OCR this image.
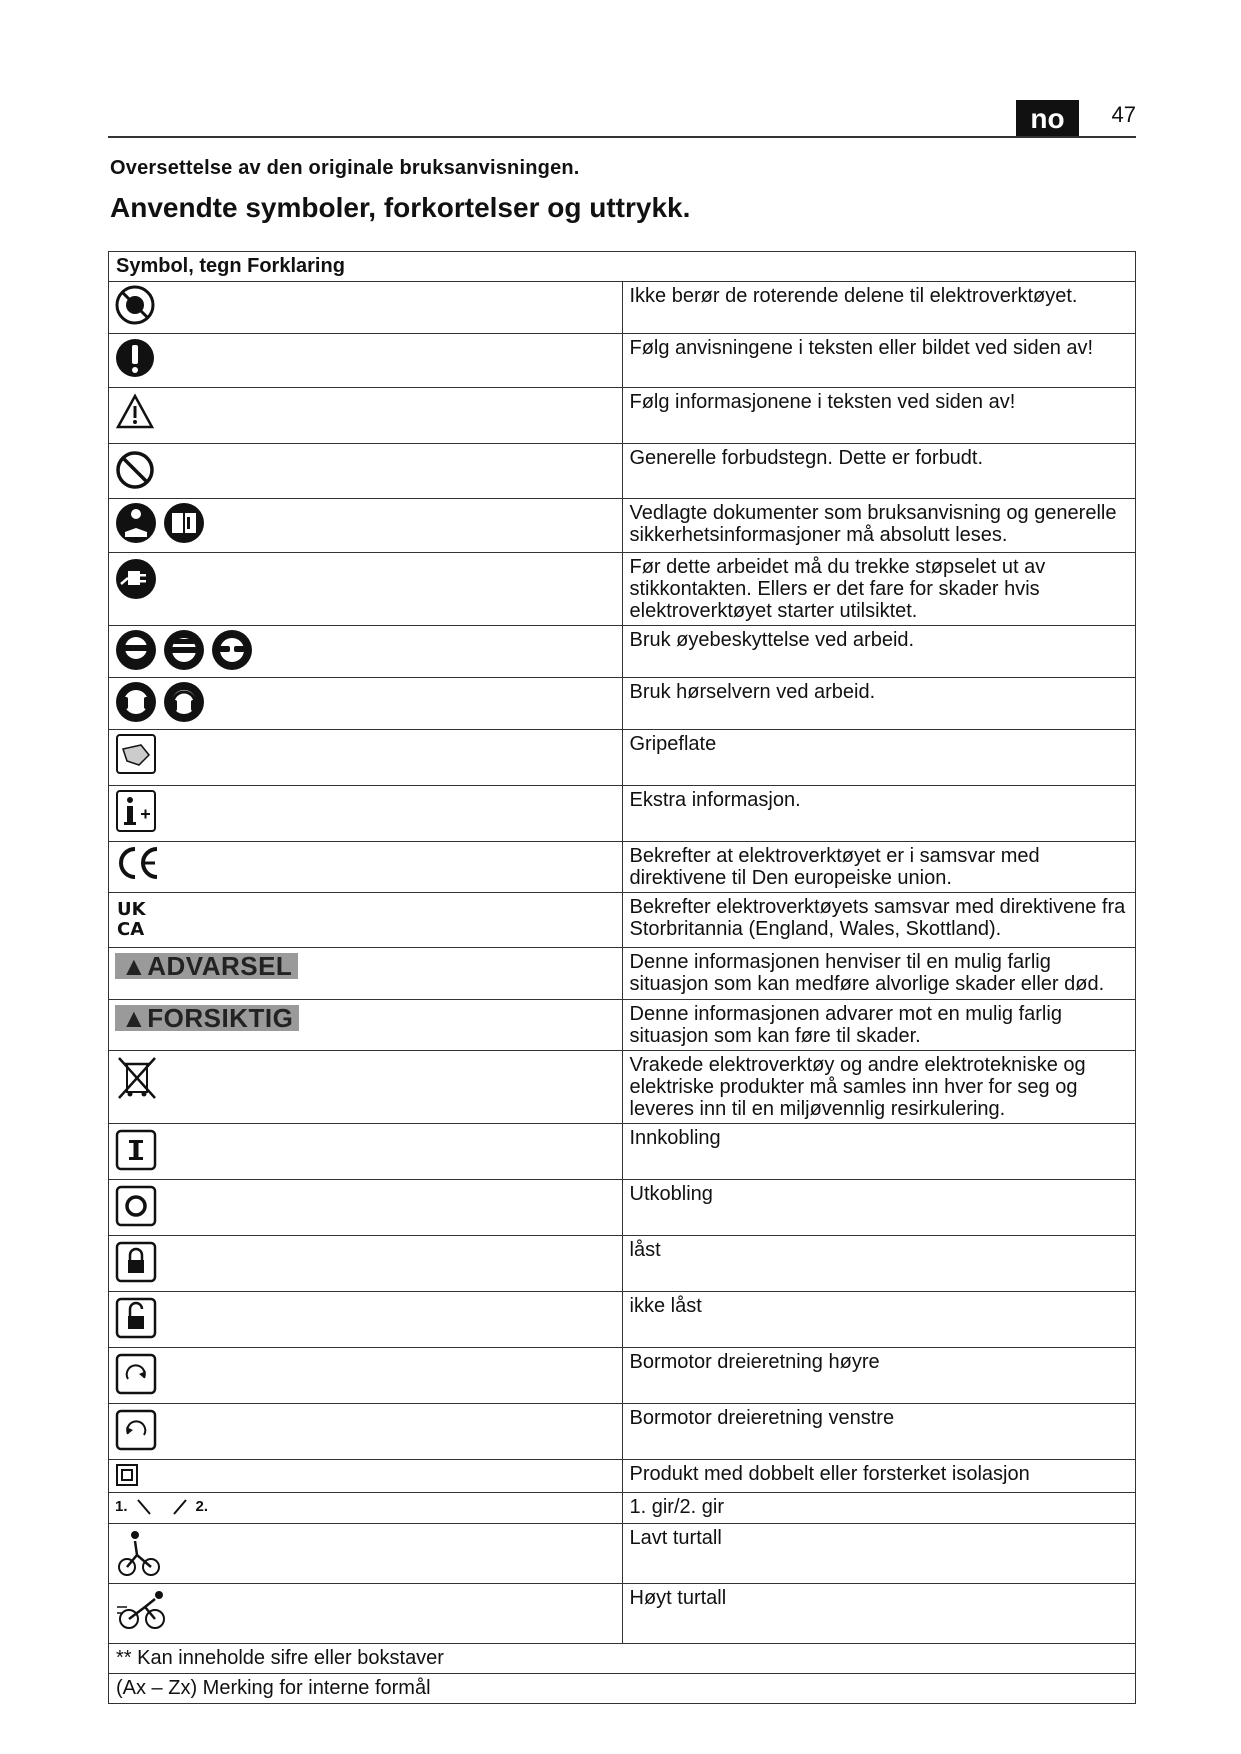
no	47
Oversettelse av den originale bruksanvisningen.
Anvendte symboler, forkortelser og uttrykk.
Symbol, tegn Forklaring	

	Ikke berør de roterende delene til elektroverktøyet.

	Følg anvisningene i teksten eller bildet ved siden av!

	Følg informasjonene i teksten ved siden av!

	Generelle forbudstegn. Dette er forbudt.

	Vedlagte dokumenter som bruksanvisning og generelle sikkerhetsinformasjoner må absolutt leses.

	Før dette arbeidet må du trekke støpselet ut av stikkontakten. Ellers er det fare for skader hvis elektroverktøyet starter utilsiktet.

	Bruk øyebeskyttelse ved arbeid.

	Bruk hørselvern ved arbeid.

	Gripeflate

	Ekstra informasjon.

	Bekrefter at elektroverktøyet er i samsvar med direktivene til Den europeiske union.

UK
CA	Bekrefter elektroverktøyets samsvar med direktivene fra Storbritannia (England, Wales, Skottland).
▲ADVARSEL	Denne informasjonen henviser til en mulig farlig situasjon som kan medføre alvorlige skader eller død.
▲FORSIKTIG	Denne informasjonen advarer mot en mulig farlig situasjon som kan føre til skader.

	Vrakede elektroverktøy og andre elektrotekniske og elektriske produkter må samles inn hver for seg og leveres inn til en miljøvennlig resirkulering.

	Innkobling

	Utkobling

	låst

	ikke låst

	Bormotor dreieretning høyre

	Bormotor dreieretning venstre

	Produkt med dobbelt eller forsterket isolasjon

1. 2.	1. gir/2. gir

	Lavt turtall

	Høyt turtall
** Kan inneholde sifre eller bokstaver	
(Ax – Zx) Merking for interne formål	
